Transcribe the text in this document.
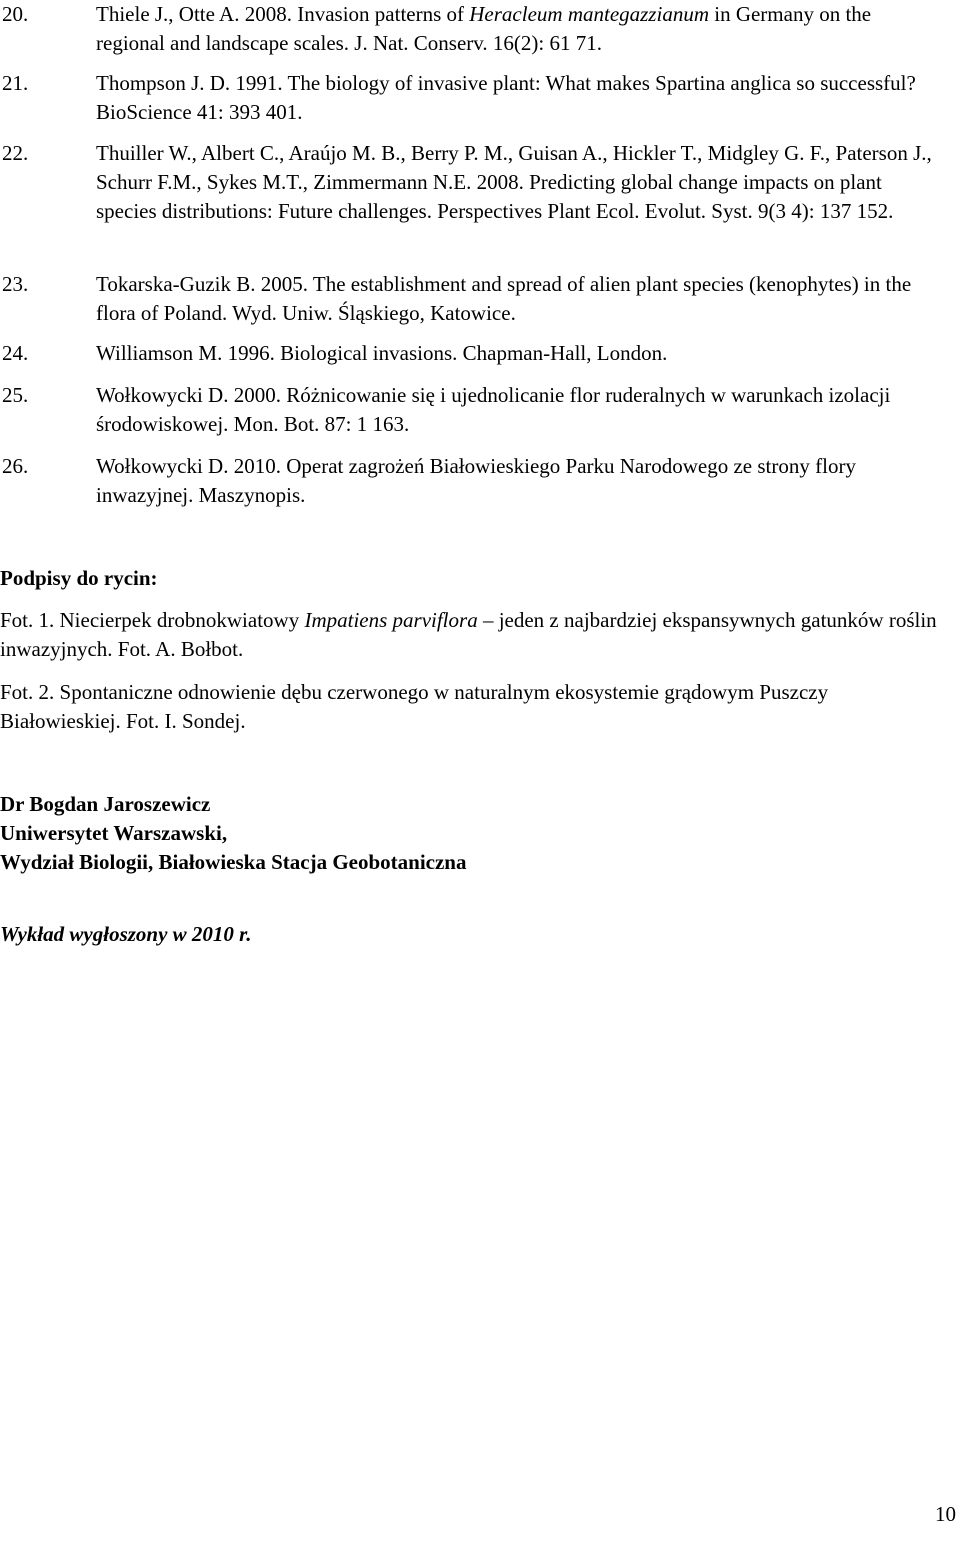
20.	Thiele J., Otte A. 2008. Invasion patterns of Heracleum mantegazzianum in Germany on the regional and landscape scales. J. Nat. Conserv. 16(2): 61 71.
21.	Thompson J. D. 1991. The biology of invasive plant: What makes Spartina anglica so successful? BioScience 41: 393 401.
22.	Thuiller W., Albert C., Araújo M. B., Berry P. M., Guisan A., Hickler T., Midgley G. F., Paterson J., Schurr F.M., Sykes M.T., Zimmermann N.E. 2008. Predicting global change impacts on plant species distributions: Future challenges. Perspectives Plant Ecol. Evolut. Syst. 9(3 4): 137 152.
23.	Tokarska-Guzik B. 2005. The establishment and spread of alien plant species (kenophytes) in the flora of Poland. Wyd. Uniw. Śląskiego, Katowice.
24.	Williamson M. 1996. Biological invasions. Chapman-Hall, London.
25.	Wołkowycki D. 2000. Różnicowanie się i ujednolicanie flor ruderalnych w warunkach izolacji środowiskowej. Mon. Bot. 87: 1 163.
26.	Wołkowycki D. 2010. Operat zagrożeń Białowieskiego Parku Narodowego ze strony flory inwazyjnej. Maszynopis.

Podpisy do rycin:

Fot. 1. Niecierpek drobnokwiatowy Impatiens parviflora – jeden z najbardziej ekspansywnych gatunków roślin inwazyjnych. Fot. A. Bołbot.

Fot. 2. Spontaniczne odnowienie dębu czerwonego w naturalnym ekosystemie grądowym Puszczy Białowieskiej. Fot. I. Sondej.

Dr Bogdan Jaroszewicz

Uniwersytet Warszawski,

Wydział Biologii, Białowieska Stacja Geobotaniczna

Wykład wygłoszony w 2010 r.

10
